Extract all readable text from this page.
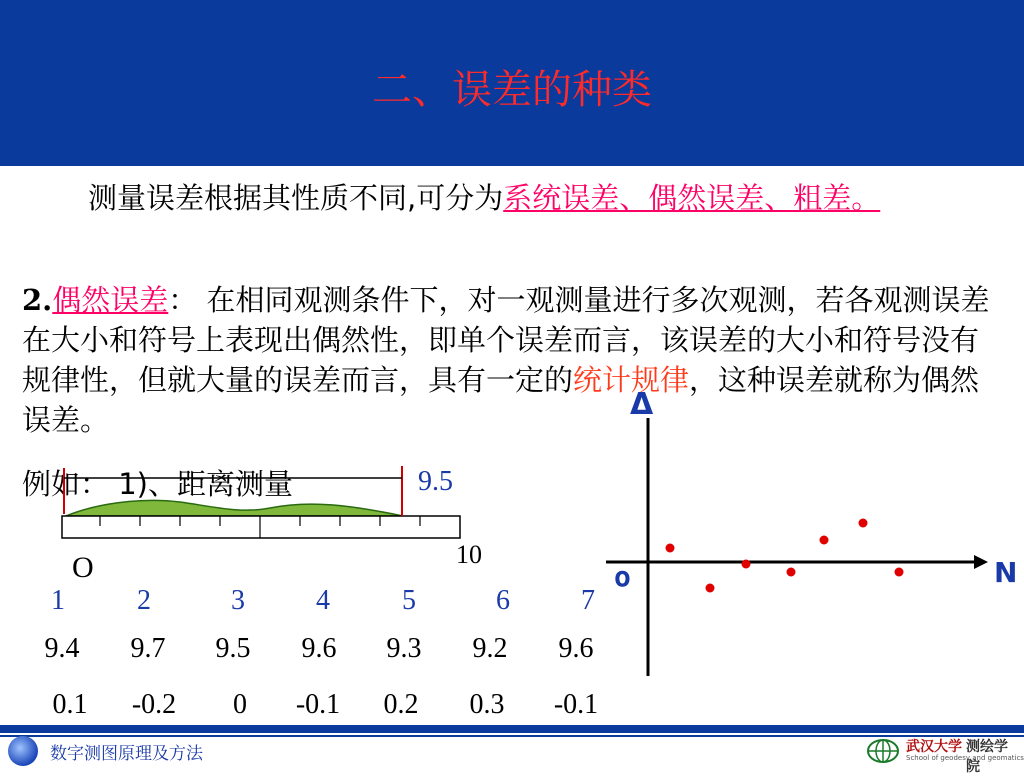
二、误差的种类
测量误差根据其性质不同,可分为系统误差、偶然误差、粗差。
2.偶然误差： 在相同观测条件下，对一观测量进行多次观测，若各观测误差在大小和符号上表现出偶然性，即单个误差而言，该误差的大小和符号没有规律性，但就大量的误差而言，具有一定的统计规律，这种误差就称为偶然误差。
例如： 1)、距离测量
O	10
9.5
Δ
o	N
1	2	3	4	5	6	7
9.4	9.7	9.5	9.6	9.3	9.2	9.6
0.1	-0.2	0	-0.1	0.2	0.3	-0.1
数字测图原理及方法	武汉大学 测绘学院
School of geodesy and geomatics
